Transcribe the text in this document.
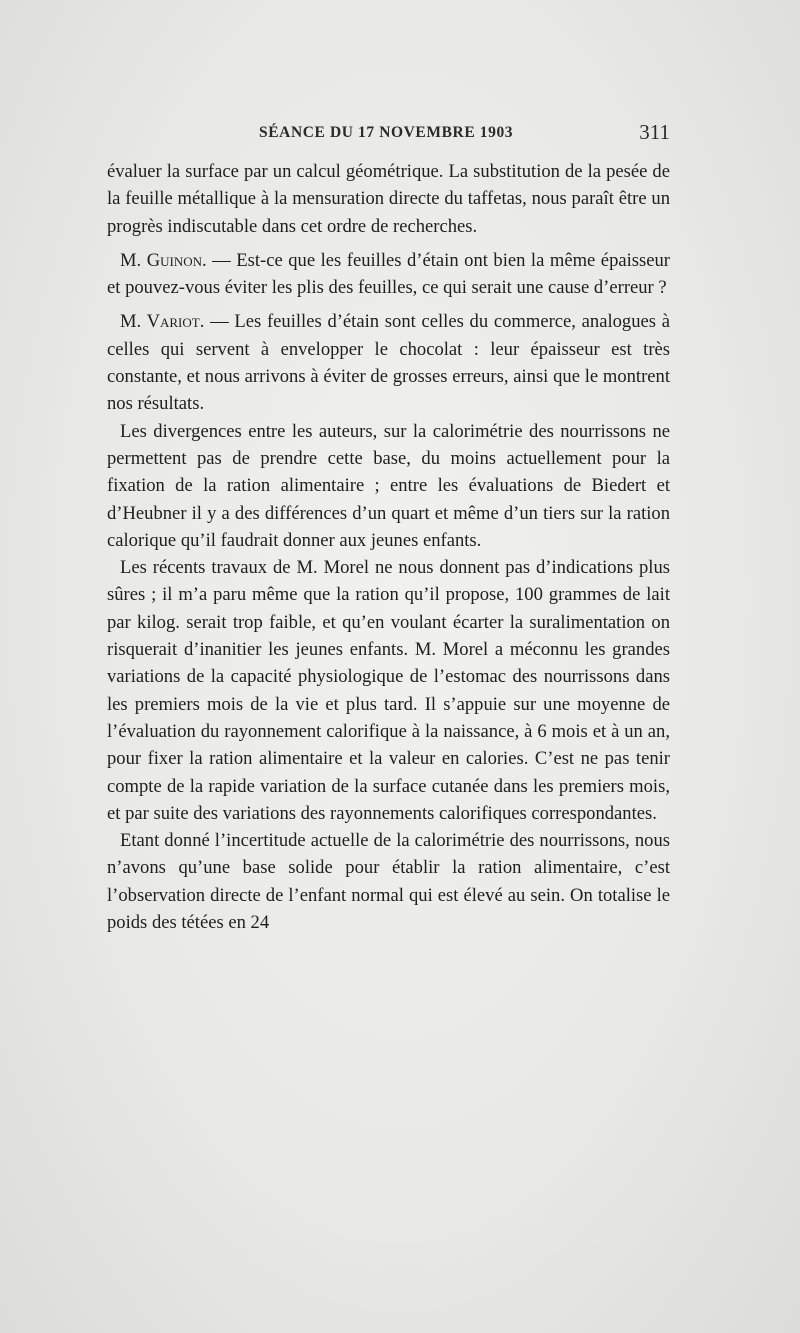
SÉANCE DU 17 NOVEMBRE 1903	311

évaluer la surface par un calcul géométrique. La substitution de la pesée de la feuille métallique à la mensuration directe du taffetas, nous paraît être un progrès indiscutable dans cet ordre de recherches.

M. Guinon. — Est-ce que les feuilles d’étain ont bien la même épaisseur et pouvez-vous éviter les plis des feuilles, ce qui serait une cause d’erreur ?

M. Variot. — Les feuilles d’étain sont celles du commerce, analogues à celles qui servent à envelopper le chocolat : leur épaisseur est très constante, et nous arrivons à éviter de grosses erreurs, ainsi que le montrent nos résultats.

Les divergences entre les auteurs, sur la calorimétrie des nourrissons ne permettent pas de prendre cette base, du moins actuellement pour la fixation de la ration alimentaire ; entre les évaluations de Biedert et d’Heubner il y a des différences d’un quart et même d’un tiers sur la ration calorique qu’il faudrait donner aux jeunes enfants.

Les récents travaux de M. Morel ne nous donnent pas d’indications plus sûres ; il m’a paru même que la ration qu’il propose, 100 grammes de lait par kilog. serait trop faible, et qu’en voulant écarter la suralimentation on risquerait d’inanitier les jeunes enfants. M. Morel a méconnu les grandes variations de la capacité physiologique de l’estomac des nourrissons dans les premiers mois de la vie et plus tard. Il s’appuie sur une moyenne de l’évaluation du rayonnement calorifique à la naissance, à 6 mois et à un an, pour fixer la ration alimentaire et la valeur en calories. C’est ne pas tenir compte de la rapide variation de la surface cutanée dans les premiers mois, et par suite des variations des rayonnements calorifiques correspondantes.

Etant donné l’incertitude actuelle de la calorimétrie des nourrissons, nous n’avons qu’une base solide pour établir la ration alimentaire, c’est l’observation directe de l’enfant normal qui est élevé au sein. On totalise le poids des tétées en 24
